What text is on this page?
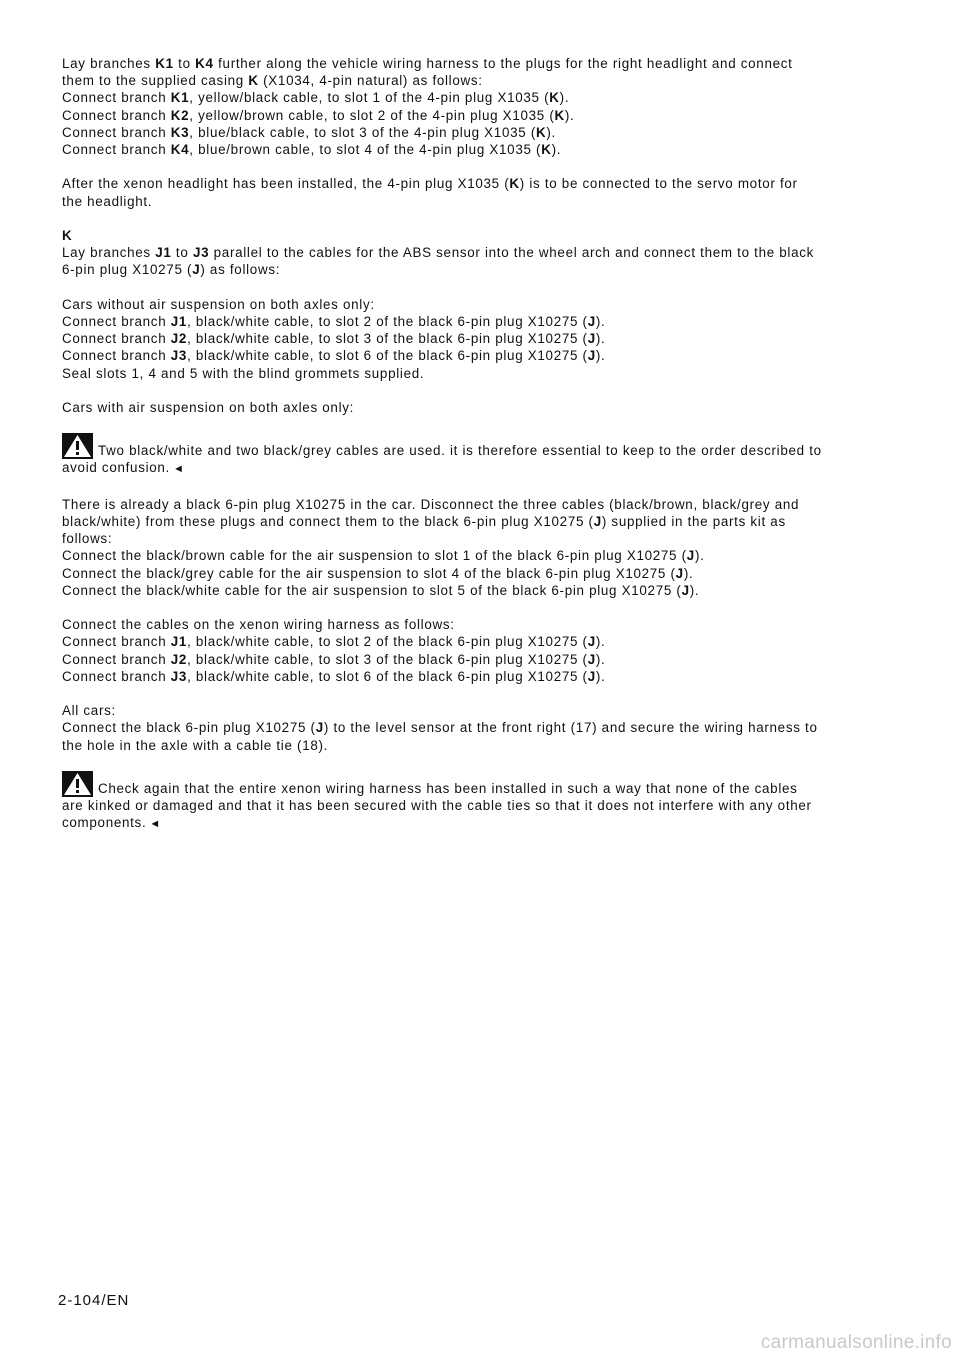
Lay branches K1 to K4 further along the vehicle wiring harness to the plugs for the right headlight and connect
them to the supplied casing K (X1034, 4-pin natural) as follows:
Connect branch K1, yellow/black cable, to slot 1 of the 4-pin plug X1035 (K).
Connect branch K2, yellow/brown cable, to slot 2 of the 4-pin plug X1035 (K).
Connect branch K3, blue/black cable, to slot 3 of the 4-pin plug X1035 (K).
Connect branch K4, blue/brown cable, to slot 4 of the 4-pin plug X1035 (K).
After the xenon headlight has been installed, the 4-pin plug X1035 (K) is to be connected to the servo motor for
the headlight.
K
Lay branches J1 to J3 parallel to the cables for the ABS sensor into the wheel arch and connect them to the black
6-pin plug X10275 (J) as follows:
Cars without air suspension on both axles only:
Connect branch J1, black/white cable, to slot 2 of the black 6-pin plug X10275 (J).
Connect branch J2, black/white cable, to slot 3 of the black 6-pin plug X10275 (J).
Connect branch J3, black/white cable, to slot 6 of the black 6-pin plug X10275 (J).
Seal slots 1, 4 and 5 with the blind grommets supplied.
Cars with air suspension on both axles only:
Two black/white and two black/grey cables are used. it is therefore essential to keep to the order described to
avoid confusion. ◄
There is already a black 6-pin plug X10275 in the car. Disconnect the three cables (black/brown, black/grey and
black/white) from these plugs and connect them to the black 6-pin plug X10275 (J) supplied in the parts kit as
follows:
Connect the black/brown cable for the air suspension to slot 1 of the black 6-pin plug X10275 (J).
Connect the black/grey cable for the air suspension to slot 4 of the black 6-pin plug X10275 (J).
Connect the black/white cable for the air suspension to slot 5 of the black 6-pin plug X10275 (J).
Connect the cables on the xenon wiring harness as follows:
Connect branch J1, black/white cable, to slot 2 of the black 6-pin plug X10275 (J).
Connect branch J2, black/white cable, to slot 3 of the black 6-pin plug X10275 (J).
Connect branch J3, black/white cable, to slot 6 of the black 6-pin plug X10275 (J).
All cars:
Connect the black 6-pin plug X10275 (J) to the level sensor at the front right (17) and secure the wiring harness to
the hole in the axle with a cable tie (18).
Check again that the entire xenon wiring harness has been installed in such a way that none of the cables
are kinked or damaged and that it has been secured with the cable ties so that it does not interfere with any other
components. ◄
2-104/EN
carmanualsonline.info
